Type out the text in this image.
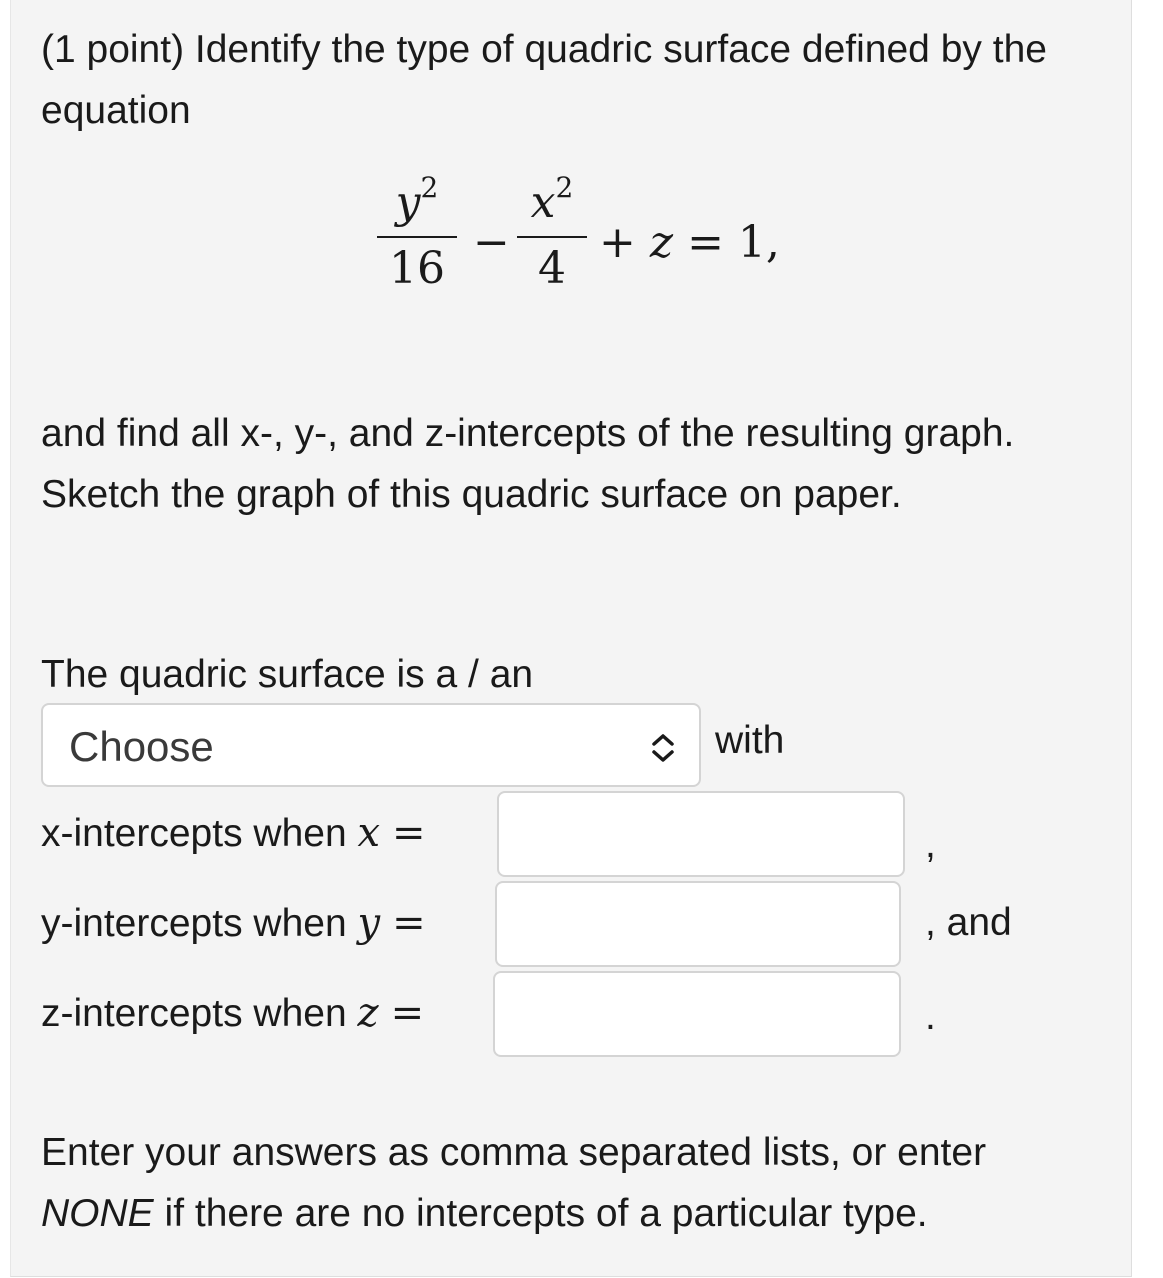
(1 point) Identify the type of quadric surface defined by the equation

$y^2$
16
−
$x^2$
4
+ z = 1,

and find all x-, y-, and z-intercepts of the resulting graph. Sketch the graph of this quadric surface on paper.

The quadric surface is a / an

Choose	with
x-intercepts when x =	,
y-intercepts when y =	, and
z-intercepts when z =	.

Enter your answers as comma separated lists, or enter NONE if there are no intercepts of a particular type.
